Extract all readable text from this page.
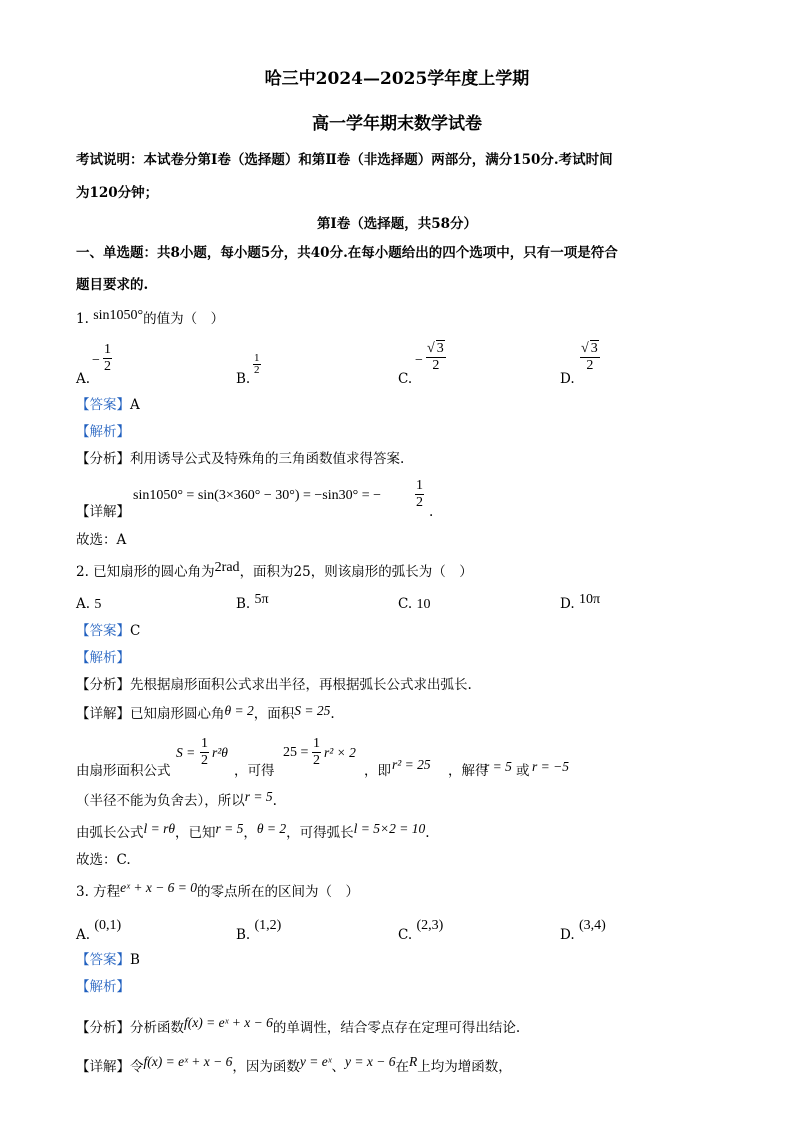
哈三中2024—2025学年度上学期
高一学年期末数学试卷
考试说明：本试卷分第Ⅰ卷（选择题）和第Ⅱ卷（非选择题）两部分，满分150分.考试时间
为120分钟；
第Ⅰ卷（选择题，共58分）
一、单选题：共8小题，每小题5分，共40分.在每小题给出的四个选项中，只有一项是符合
题目要求的.
1. sin1050°的值为（　）
A.
− $\frac{1}{2}$
B.
$\frac{1}{2}$
C.
− $\frac{√ 3}{2}$
D.
$\frac{√ 3}{2}$
【答案】A
【解析】
【分析】利用诱导公式及特殊角的三角函数值求得答案.
sin1050° = sin(3×360° − 30°) = −sin30° = − $\frac{1}{2}$
.
【详解】
故选：A
2. 已知扇形的圆心角为2rad，面积为25，则该扇形的弧长为（　）
A. 5	B. 5π	C. 10	D. 10π
【答案】C
【解析】
【分析】先根据扇形面积公式求出半径，再根据弧长公式求出弧长.
【详解】已知扇形圆心角θ = 2，面积S = 25.
由扇形面积公式
$S = \frac{1}{2} r^2\theta$
，可得
$25 = \frac{1}{2} r^2 \times 2$
，即 r² = 25 ，解得
r = 5 或 r = −5
（半径不能为负舍去），所以r = 5.
由弧长公式l = rθ，已知r = 5，θ = 2，可得弧长l = 5×2 = 10.
故选：C.
3. 方程eˣ + x − 6 = 0的零点所在的区间为（　）
A. (0,1)
B. (1,2)
C. (2,3)
D. (3,4)
【答案】B
【解析】
【分析】分析函数f(x) = eˣ + x − 6的单调性，结合零点存在定理可得出结论.
【详解】令f(x) = eˣ + x − 6，因为函数y = eˣ、y = x − 6在R上均为增函数，
